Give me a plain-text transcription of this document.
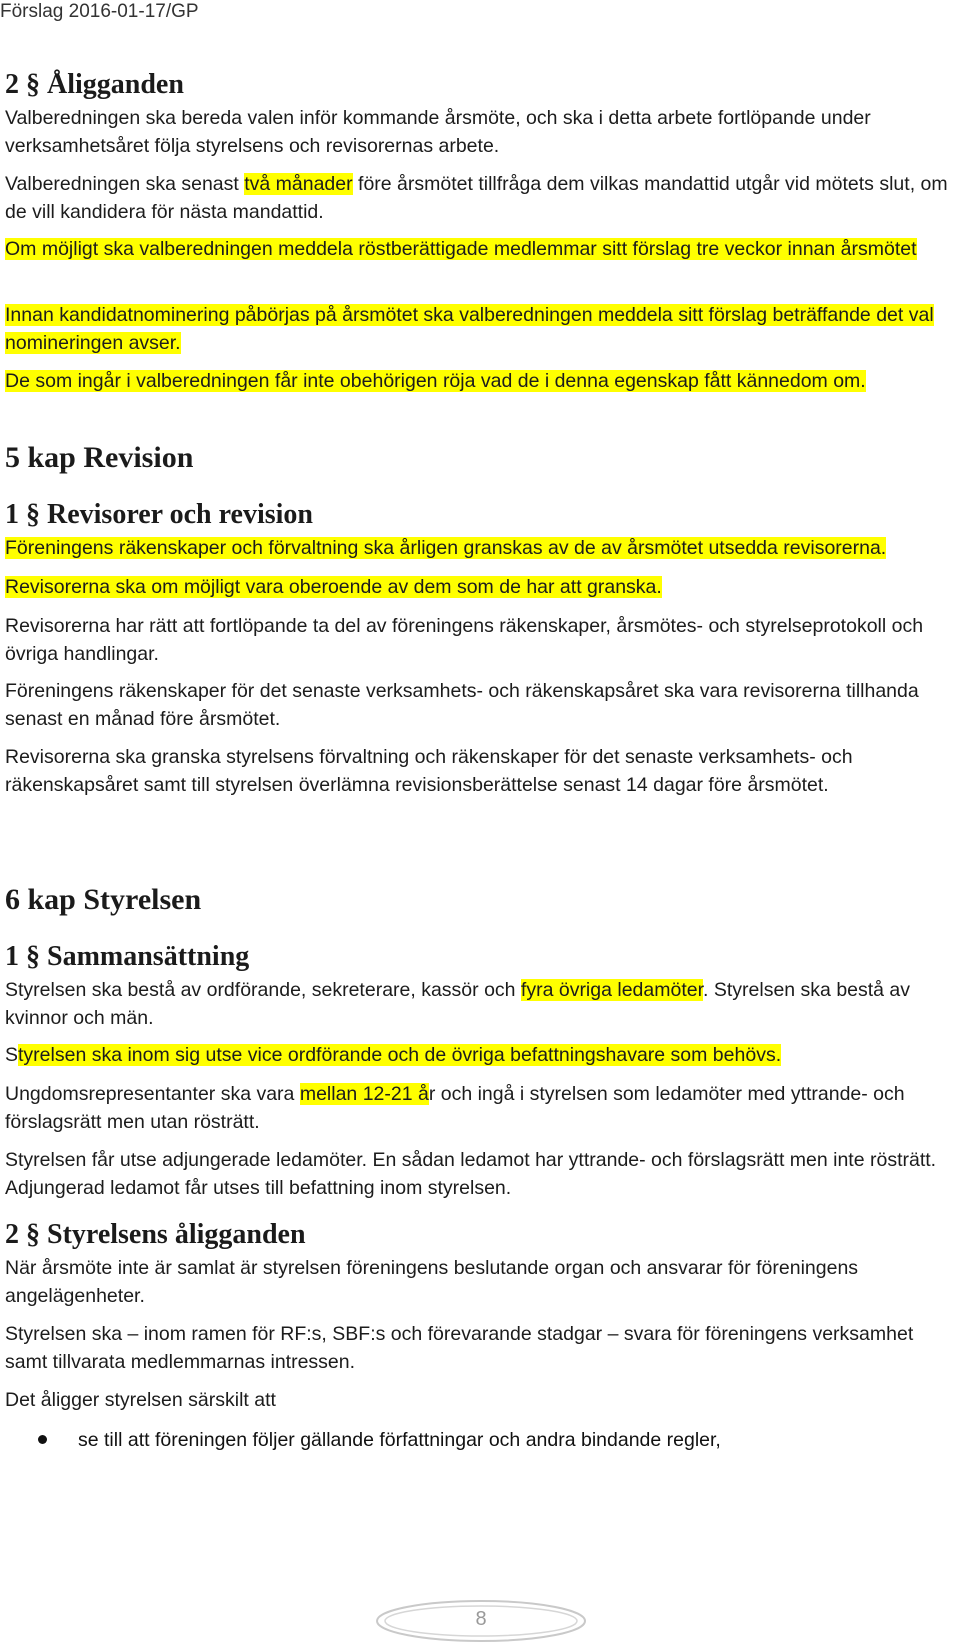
Förslag 2016-01-17/GP
2 § Åligganden
Valberedningen ska bereda valen inför kommande årsmöte, och ska i detta arbete fortlöpande under verksamhetsåret följa styrelsens och revisorernas arbete.
Valberedningen ska senast två månader före årsmötet tillfråga dem vilkas mandattid utgår vid mötets slut, om de vill kandidera för nästa mandattid.
Om möjligt ska valberedningen meddela röstberättigade medlemmar sitt förslag tre veckor innan årsmötet
Innan kandidatnominering påbörjas på årsmötet ska valberedningen meddela sitt förslag beträffande det val nomineringen avser.
De som ingår i valberedningen får inte obehörigen röja vad de i denna egenskap fått kännedom om.
5 kap Revision
1 § Revisorer och revision
Föreningens räkenskaper och förvaltning ska årligen granskas av de av årsmötet utsedda revisorerna.
Revisorerna ska om möjligt vara oberoende av dem som de har att granska.
Revisorerna har rätt att fortlöpande ta del av föreningens räkenskaper, årsmötes- och styrelseprotokoll och övriga handlingar.
Föreningens räkenskaper för det senaste verksamhets- och räkenskapsåret ska vara revisorerna tillhanda senast en månad före årsmötet.
Revisorerna ska granska styrelsens förvaltning och räkenskaper för det senaste verksamhets- och räkenskapsåret samt till styrelsen överlämna revisionsberättelse senast 14 dagar före årsmötet.
6 kap Styrelsen
1 § Sammansättning
Styrelsen ska bestå av ordförande, sekreterare, kassör och fyra övriga ledamöter. Styrelsen ska bestå av kvinnor och män.
Styrelsen ska inom sig utse vice ordförande och de övriga befattningshavare som behövs.
Ungdomsrepresentanter ska vara mellan 12-21 år och ingå i styrelsen som ledamöter med yttrande- och förslagsrätt men utan rösträtt.
Styrelsen får utse adjungerade ledamöter. En sådan ledamot har yttrande- och förslagsrätt men inte rösträtt. Adjungerad ledamot får utses till befattning inom styrelsen.
2 § Styrelsens åligganden
När årsmöte inte är samlat är styrelsen föreningens beslutande organ och ansvarar för föreningens angelägenheter.
Styrelsen ska – inom ramen för RF:s, SBF:s och förevarande stadgar – svara för föreningens verksamhet samt tillvarata medlemmarnas intressen.
Det åligger styrelsen särskilt att
se till att föreningen följer gällande författningar och andra bindande regler,
8
